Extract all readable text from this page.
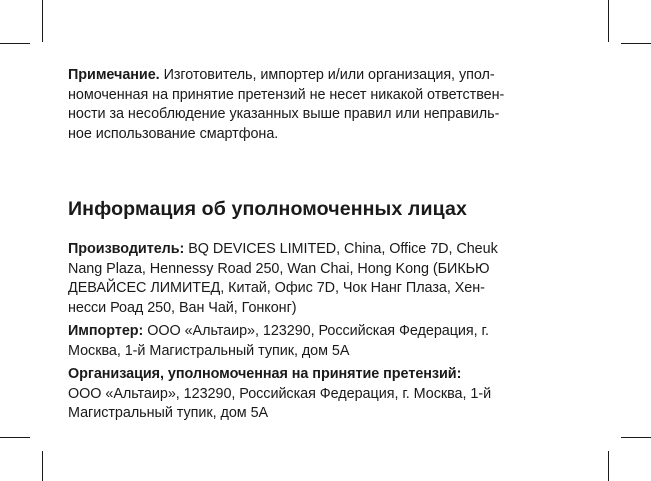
Примечание. Изготовитель, импортер и/или организация, упол-
номоченная на принятие претензий не несет никакой ответствен-
ности за несоблюдение указанных выше правил или неправиль-
ное использование смартфона.

Информация об уполномоченных лицах

Производитель: BQ DEVICES LIMITED, China, Office 7D, Cheuk
Nang Plaza, Hennessy Road 250, Wan Chai, Hong Kong (БИКЬЮ
ДЕВАЙСЕС ЛИМИТЕД, Китай, Офис 7D, Чок Нанг Плаза, Хен-
несси Роад 250, Ван Чай, Гонконг)

Импортер: ООО «Альтаир», 123290, Российская Федерация, г.
Москва, 1-й Магистральный тупик, дом 5А

Организация, уполномоченная на принятие претензий:
ООО «Альтаир», 123290, Российская Федерация, г. Москва, 1-й
Магистральный тупик, дом 5А
